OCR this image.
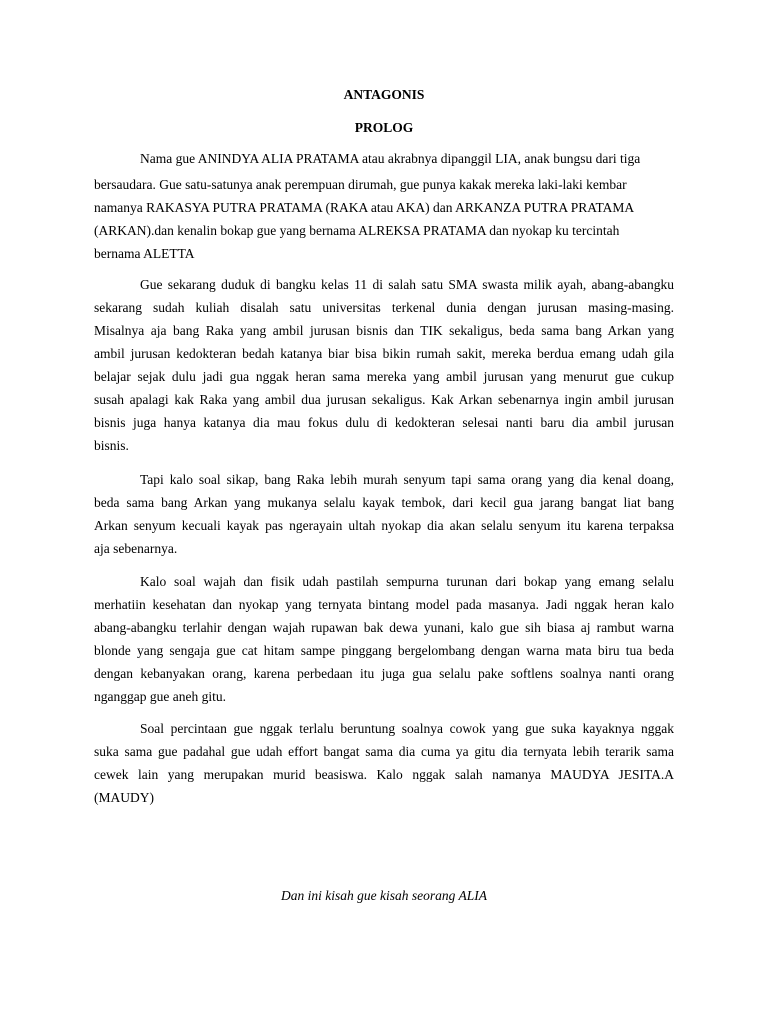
ANTAGONIS
PROLOG
Nama gue ANINDYA ALIA PRATAMA atau akrabnya dipanggil LIA, anak bungsu dari tiga
bersaudara. Gue satu-satunya anak perempuan dirumah, gue punya kakak mereka laki-laki kembar
namanya RAKASYA PUTRA PRATAMA (RAKA atau AKA) dan ARKANZA PUTRA PRATAMA
(ARKAN).dan kenalin bokap gue yang bernama ALREKSA PRATAMA dan nyokap ku tercintah
bernama ALETTA
Gue sekarang duduk di bangku kelas 11 di salah satu SMA swasta milik ayah, abang-abangku
sekarang sudah kuliah disalah satu universitas terkenal dunia dengan jurusan masing-masing.
Misalnya aja bang Raka yang ambil jurusan bisnis dan TIK sekaligus, beda sama bang Arkan yang
ambil jurusan kedokteran bedah katanya biar bisa bikin rumah sakit, mereka berdua emang udah gila
belajar sejak dulu jadi gua nggak heran sama mereka yang ambil jurusan yang menurut gue cukup
susah apalagi kak Raka yang ambil dua jurusan sekaligus. Kak Arkan sebenarnya ingin ambil jurusan
bisnis juga hanya katanya dia mau fokus dulu di kedokteran selesai nanti baru dia ambil jurusan
bisnis.
Tapi kalo soal sikap, bang Raka lebih murah senyum tapi sama orang yang dia kenal doang,
beda sama bang Arkan yang mukanya selalu kayak tembok, dari kecil gua jarang bangat liat bang
Arkan senyum kecuali kayak pas ngerayain ultah nyokap dia akan selalu senyum itu karena terpaksa
aja sebenarnya.
Kalo soal wajah dan fisik udah pastilah sempurna turunan dari bokap yang emang selalu
merhatiin kesehatan dan nyokap yang ternyata bintang model pada masanya. Jadi nggak heran kalo
abang-abangku terlahir dengan wajah rupawan bak dewa yunani, kalo gue sih biasa aj rambut warna
blonde yang sengaja gue cat hitam sampe pinggang bergelombang dengan warna mata biru tua beda
dengan kebanyakan orang, karena perbedaan itu juga gua selalu pake softlens soalnya nanti orang
nganggap gue aneh gitu.
Soal percintaan gue nggak terlalu beruntung soalnya cowok yang gue suka kayaknya nggak
suka sama gue padahal gue udah effort bangat sama dia cuma ya gitu dia ternyata lebih terarik sama
cewek lain yang merupakan murid beasiswa. Kalo nggak salah namanya MAUDYA JESITA.A
(MAUDY)
Dan ini kisah gue kisah seorang ALIA
